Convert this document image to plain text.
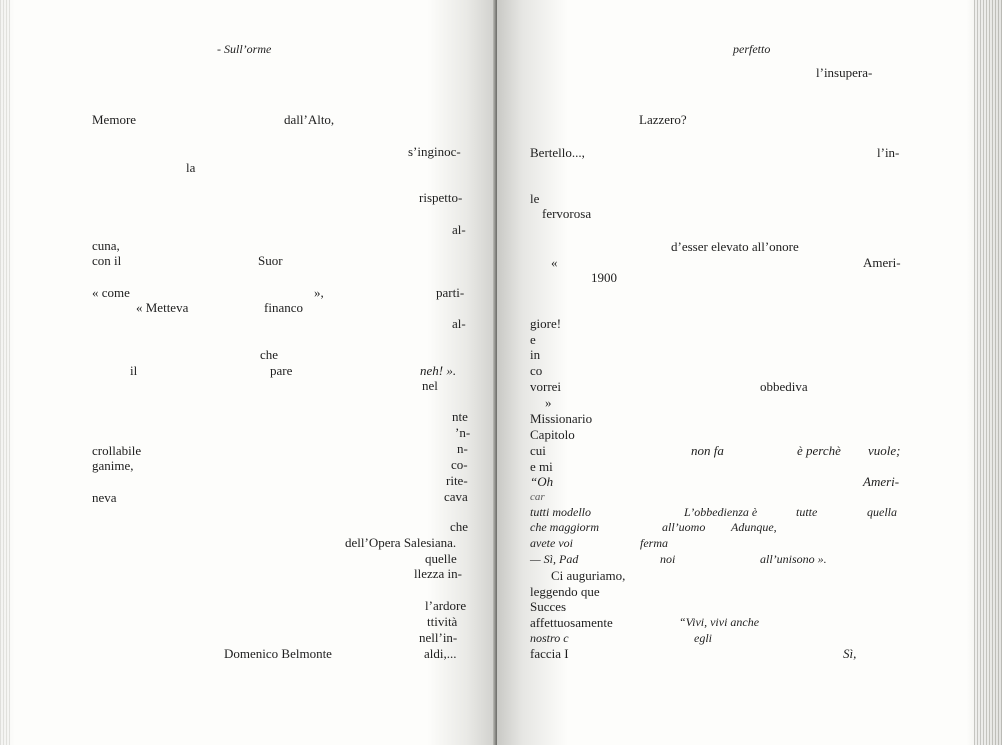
- Sull’orme
Memore	dall’Alto,
s’inginoc-
la
rispetto-
al-
cuna,
con il	Suor
« come	»,	parti-
« Metteva	financo
al-
che
il	pare	neh! ».
nel
nte
’n-
n-
crollabile
co-
ganime,
rite-
neva	cava
che
dell’Opera Salesiana.
quelle
llezza in-
l’ardore
ttività
nell’in-
Domenico Belmonte	aldi,...
perfetto
l’insupera-
Lazzero?
Bertello...,	l’in-
le
fervorosa
d’esser elevato all’onore
«	Ameri-
1900
giore!
e
in
co
vorrei	obbediva
»
Missionario
Capitolo
cui	non fa	è perchè vuole;
e mi
“Oh	Ameri-
car
tutti modello	L’obbedienza è	tutte	quella
che maggiorm	all’uomo Adunque,
avete voi	ferma
— Sì, Pad	noi	all’unisono ».
Ci auguriamo,
leggendo que
Succes
affettuosamente	“Vivi, vivi anche
nostro c	egli
faccia I	Sì,
